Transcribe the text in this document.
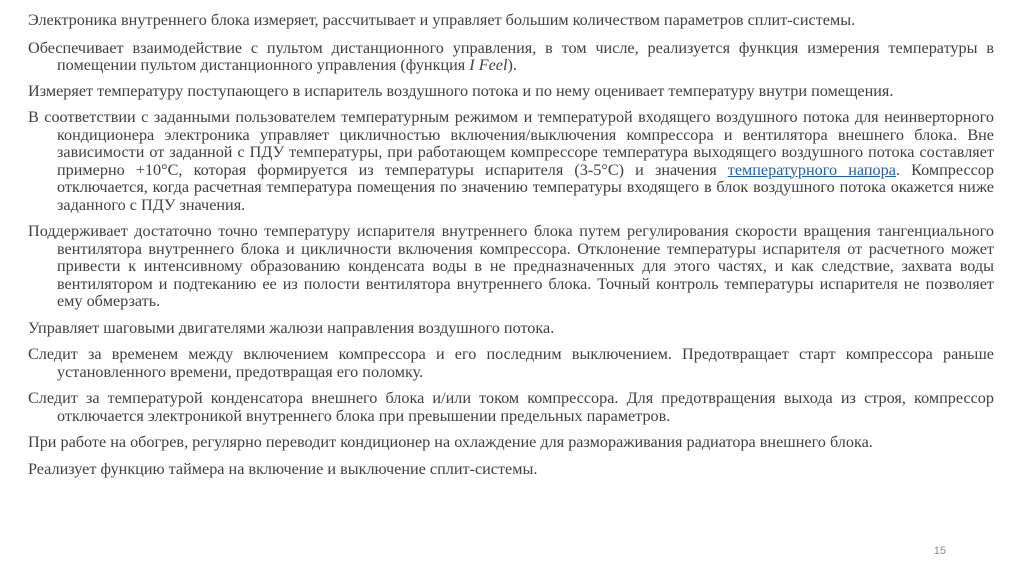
Электроника внутреннего блока измеряет, рассчитывает и управляет большим количеством параметров сплит-системы.

Обеспечивает взаимодействие с пультом дистанционного управления, в том числе, реализуется функция измерения температуры в помещении пультом дистанционного управления (функция I Feel).

Измеряет температуру поступающего в испаритель воздушного потока и по нему оценивает температуру внутри помещения.

В соответствии с заданными пользователем температурным режимом и температурой входящего воздушного потока для неинверторного кондиционера электроника управляет цикличностью включения/выключения компрессора и вентилятора внешнего блока. Вне зависимости от заданной с ПДУ температуры, при работающем компрессоре температура выходящего воздушного потока составляет примерно +10°С, которая формируется из температуры испарителя (3-5°С) и значения температурного напора. Компрессор отключается, когда расчетная температура помещения по значению температуры входящего в блок воздушного потока окажется ниже заданного с ПДУ значения.

Поддерживает достаточно точно температуру испарителя внутреннего блока путем регулирования скорости вращения тангенциального вентилятора внутреннего блока и цикличности включения компрессора. Отклонение температуры испарителя от расчетного может привести к интенсивному образованию конденсата воды в не предназначенных для этого частях, и как следствие, захвата воды вентилятором и подтеканию ее из полости вентилятора внутреннего блока. Точный контроль температуры испарителя не позволяет ему обмерзать.

Управляет шаговыми двигателями жалюзи направления воздушного потока.

Следит за временем между включением компрессора и его последним выключением. Предотвращает старт компрессора раньше установленного времени, предотвращая его поломку.

Следит за температурой конденсатора внешнего блока и/или током компрессора. Для предотвращения выхода из строя, компрессор отключается электроникой внутреннего блока при превышении предельных параметров.

При работе на обогрев, регулярно переводит кондиционер на охлаждение для размораживания радиатора внешнего блока.

Реализует функцию таймера на включение и выключение сплит-системы.

15
